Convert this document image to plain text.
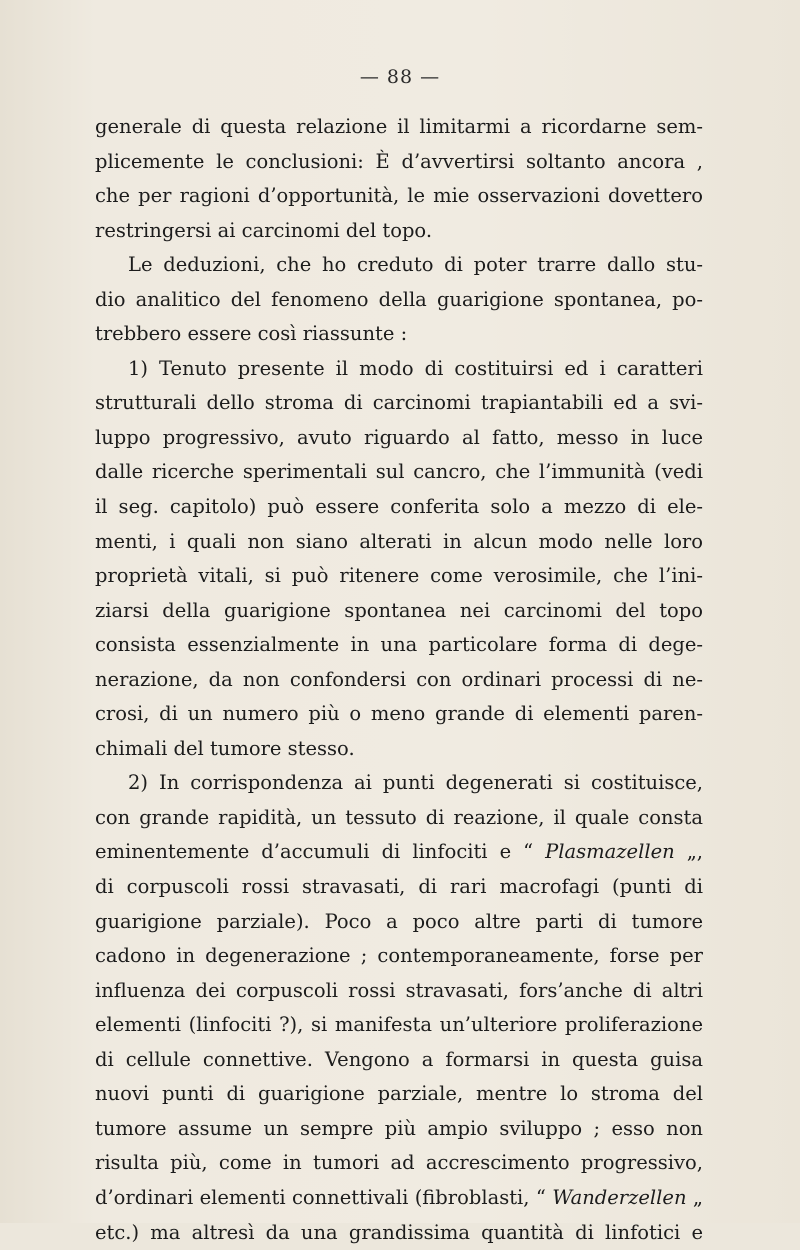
— 88 —
generale di questa relazione il limitarmi a ricordarne sem-
plicemente le conclusioni: È d’avvertirsi soltanto ancora ,
che per ragioni d’opportunità, le mie osservazioni dovettero
restringersi ai carcinomi del topo.
Le deduzioni, che ho creduto di poter trarre dallo stu-
dio analitico del fenomeno della guarigione spontanea, po-
trebbero essere così riassunte :
1) Tenuto presente il modo di costituirsi ed i caratteri
strutturali dello stroma di carcinomi trapiantabili ed a svi-
luppo progressivo, avuto riguardo al fatto, messo in luce
dalle ricerche sperimentali sul cancro, che l’immunità (vedi
il seg. capitolo) può essere conferita solo a mezzo di ele-
menti, i quali non siano alterati in alcun modo nelle loro
proprietà vitali, si può ritenere come verosimile, che l’ini-
ziarsi della guarigione spontanea nei carcinomi del topo
consista essenzialmente in una particolare forma di dege-
nerazione, da non confondersi con ordinari processi di ne-
crosi, di un numero più o meno grande di elementi paren-
chimali del tumore stesso.
2) In corrispondenza ai punti degenerati si costituisce,
con grande rapidità, un tessuto di reazione, il quale consta
eminentemente d’accumuli di linfociti e “ Plasmazellen „,
di corpuscoli rossi stravasati, di rari macrofagi (punti di
guarigione parziale). Poco a poco altre parti di tumore
cadono in degenerazione ; contemporaneamente, forse per
influenza dei corpuscoli rossi stravasati, fors’anche di altri
elementi (linfociti ?), si manifesta un’ulteriore proliferazione
di cellule connettive. Vengono a formarsi in questa guisa
nuovi punti di guarigione parziale, mentre lo stroma del
tumore assume un sempre più ampio sviluppo ; esso non
risulta più, come in tumori ad accrescimento progressivo,
d’ordinari elementi connettivali (fibroblasti, “ Wanderzellen „
etc.) ma altresì da una grandissima quantità di linfotici e
